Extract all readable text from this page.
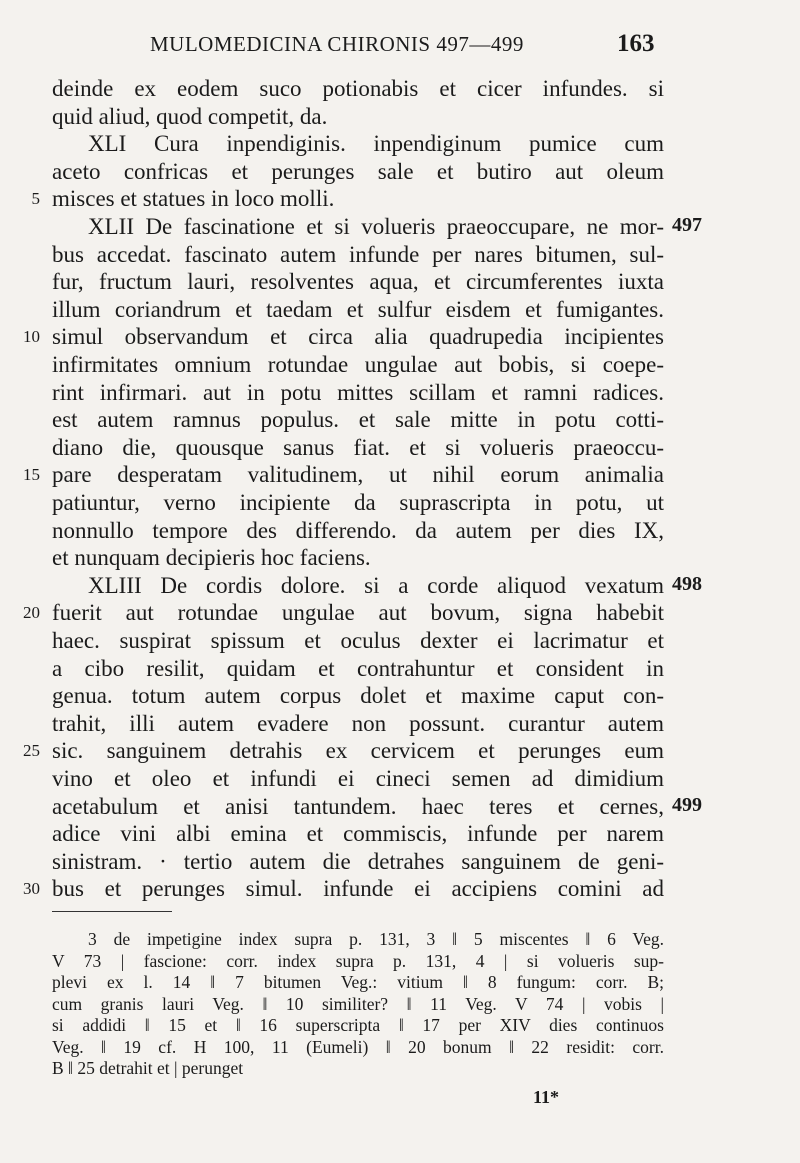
MULOMEDICINA CHIRONIS 497—499	163
deinde ex eodem suco potionabis et cicer infundes. si
quid aliud, quod competit, da.
XLI Cura inpendiginis. inpendiginum pumice cum
aceto confricas et perunges sale et butiro aut oleum
5 misces et statues in loco molli.
XLII De fascinatione et si volueris praeoccupare, ne mor- 497
bus accedat. fascinato autem infunde per nares bitumen, sul-
fur, fructum lauri, resolventes aqua, et circumferentes iuxta
illum coriandrum et taedam et sulfur eisdem et fumigantes.
10 simul observandum et circa alia quadrupedia incipientes
infirmitates omnium rotundae ungulae aut bobis, si coepe-
rint infirmari. aut in potu mittes scillam et ramni radices.
est autem ramnus populus. et sale mitte in potu cotti-
diano die, quousque sanus fiat. et si volueris praeoccu-
15 pare desperatam valitudinem, ut nihil eorum animalia
patiuntur, verno incipiente da suprascripta in potu, ut
nonnullo tempore des differendo. da autem per dies IX,
et nunquam decipieris hoc faciens.
XLIII De cordis dolore. si a corde aliquod vexatum 498
20 fuerit aut rotundae ungulae aut bovum, signa habebit
haec. suspirat spissum et oculus dexter ei lacrimatur et
a cibo resilit, quidam et contrahuntur et consident in
genua. totum autem corpus dolet et maxime caput con-
trahit, illi autem evadere non possunt. curantur autem
25 sic. sanguinem detrahis ex cervicem et perunges eum
vino et oleo et infundi ei cineci semen ad dimidium
acetabulum et anisi tantundem. haec teres et cernes, 499
adice vini albi emina et commiscis, infunde per narem
sinistram. · tertio autem die detrahes sanguinem de geni-
30 bus et perunges simul. infunde ei accipiens comini ad
3 de impetigine index supra p. 131, 3 ‖ 5 miscentes ‖ 6 Veg.
V 73 | fascione: corr. index supra p. 131, 4 | si volueris sup-
plevi ex l. 14 ‖ 7 bitumen Veg.: vitium ‖ 8 fungum: corr. B;
cum granis lauri Veg. ‖ 10 similiter? ‖ 11 Veg. V 74 | vobis |
si addidi ‖ 15 et ‖ 16 superscripta ‖ 17 per XIV dies continuos
Veg. ‖ 19 cf. H 100, 11 (Eumeli) ‖ 20 bonum ‖ 22 residit: corr.
B ‖ 25 detrahit et | perunget
11*
